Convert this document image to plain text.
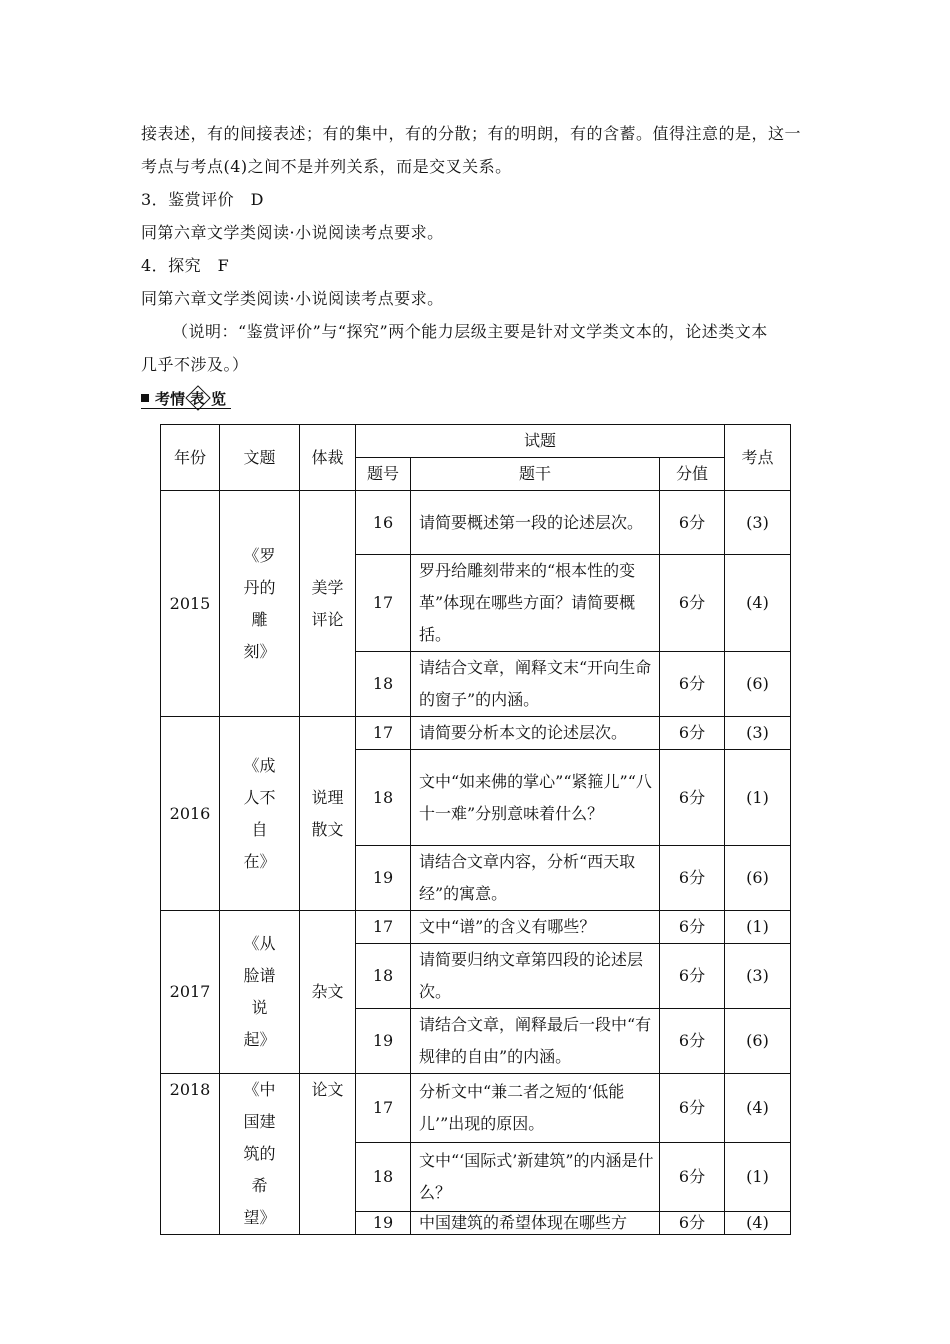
接表述，有的间接表述；有的集中，有的分散；有的明朗，有的含蓄。值得注意的是，这一
考点与考点(4)之间不是并列关系，而是交叉关系。
3．鉴赏评价　D
同第六章文学类阅读·小说阅读考点要求。
4．探究　F
同第六章文学类阅读·小说阅读考点要求。
（说明：“鉴赏评价”与“探究”两个能力层级主要是针对文学类文本的，论述类文本
几乎不涉及。）
考情 表 览
年份	文题	体裁	试题			考点
			题号	题干	分值	
2015	《罗丹的雕刻》	美学评论	16	请简要概述第一段的论述层次。	6分	(3)
			17	罗丹给雕刻带来的“根本性的变革”体现在哪些方面？请简要概括。	6分	(4)
			18	请结合文章，阐释文末“开向生命的窗子”的内涵。	6分	(6)
2016	《成人不自在》	说理散文	17	请简要分析本文的论述层次。	6分	(3)
			18	文中“如来佛的掌心”“紧箍儿”“八十一难”分别意味着什么？	6分	(1)
			19	请结合文章内容，分析“西天取经”的寓意。	6分	(6)
2017	《从脸谱说起》	杂文	17	文中“谱”的含义有哪些？	6分	(1)
			18	请简要归纳文章第四段的论述层次。	6分	(3)
			19	请结合文章，阐释最后一段中“有规律的自由”的内涵。	6分	(6)
2018	《中国建筑的希望》	论文	17	分析文中“兼二者之短的‘低能儿’”出现的原因。	6分	(4)
			18	文中“‘国际式’新建筑”的内涵是什么？	6分	(1)
			19	中国建筑的希望体现在哪些方	6分	(4)
